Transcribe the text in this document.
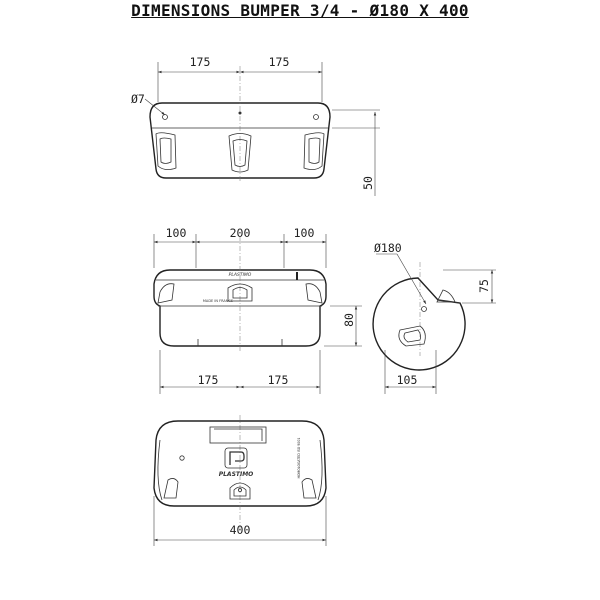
DIMENSIONS BUMPER 3/4 - Ø180 X 400
175	175
Ø7
50
PLASTIMO
MADE IN FRANCE
100	200	100
175	175
80
Ø180
75
105
PLASTIMO	HOMOLOGATED ISO 9001
400
